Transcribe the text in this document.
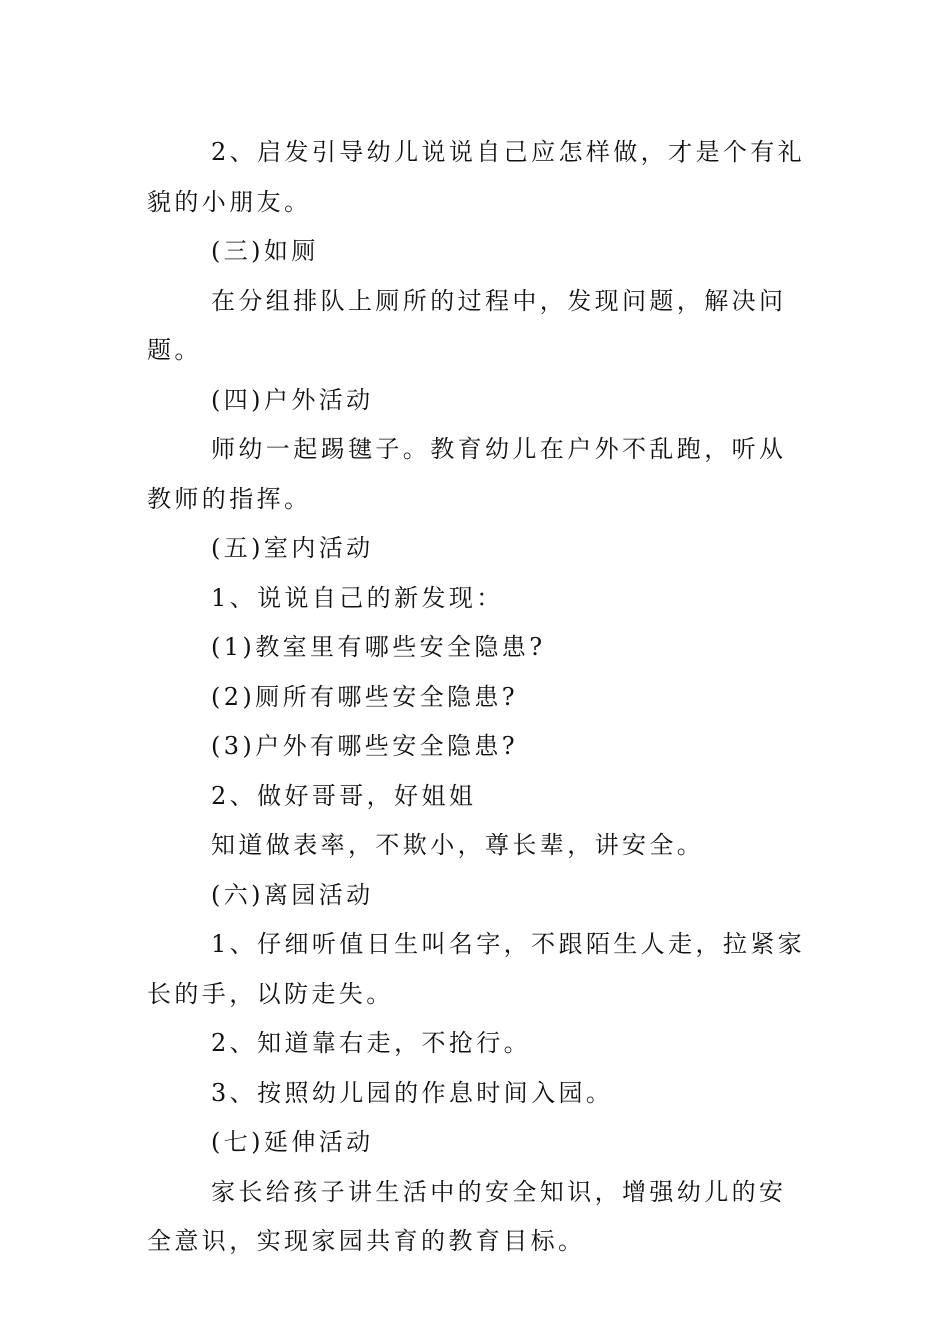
2、启发引导幼儿说说自己应怎样做，才是个有礼貌的小朋友。

(三)如厕

在分组排队上厕所的过程中，发现问题，解决问题。

(四)户外活动

师幼一起踢毽子。教育幼儿在户外不乱跑，听从教师的指挥。

(五)室内活动

1、说说自己的新发现：

(1)教室里有哪些安全隐患?

(2)厕所有哪些安全隐患?

(3)户外有哪些安全隐患?

2、做好哥哥，好姐姐

知道做表率，不欺小，尊长辈，讲安全。

(六)离园活动

1、仔细听值日生叫名字，不跟陌生人走，拉紧家长的手，以防走失。

2、知道靠右走，不抢行。

3、按照幼儿园的作息时间入园。

(七)延伸活动

家长给孩子讲生活中的安全知识，增强幼儿的安全意识，实现家园共育的教育目标。
